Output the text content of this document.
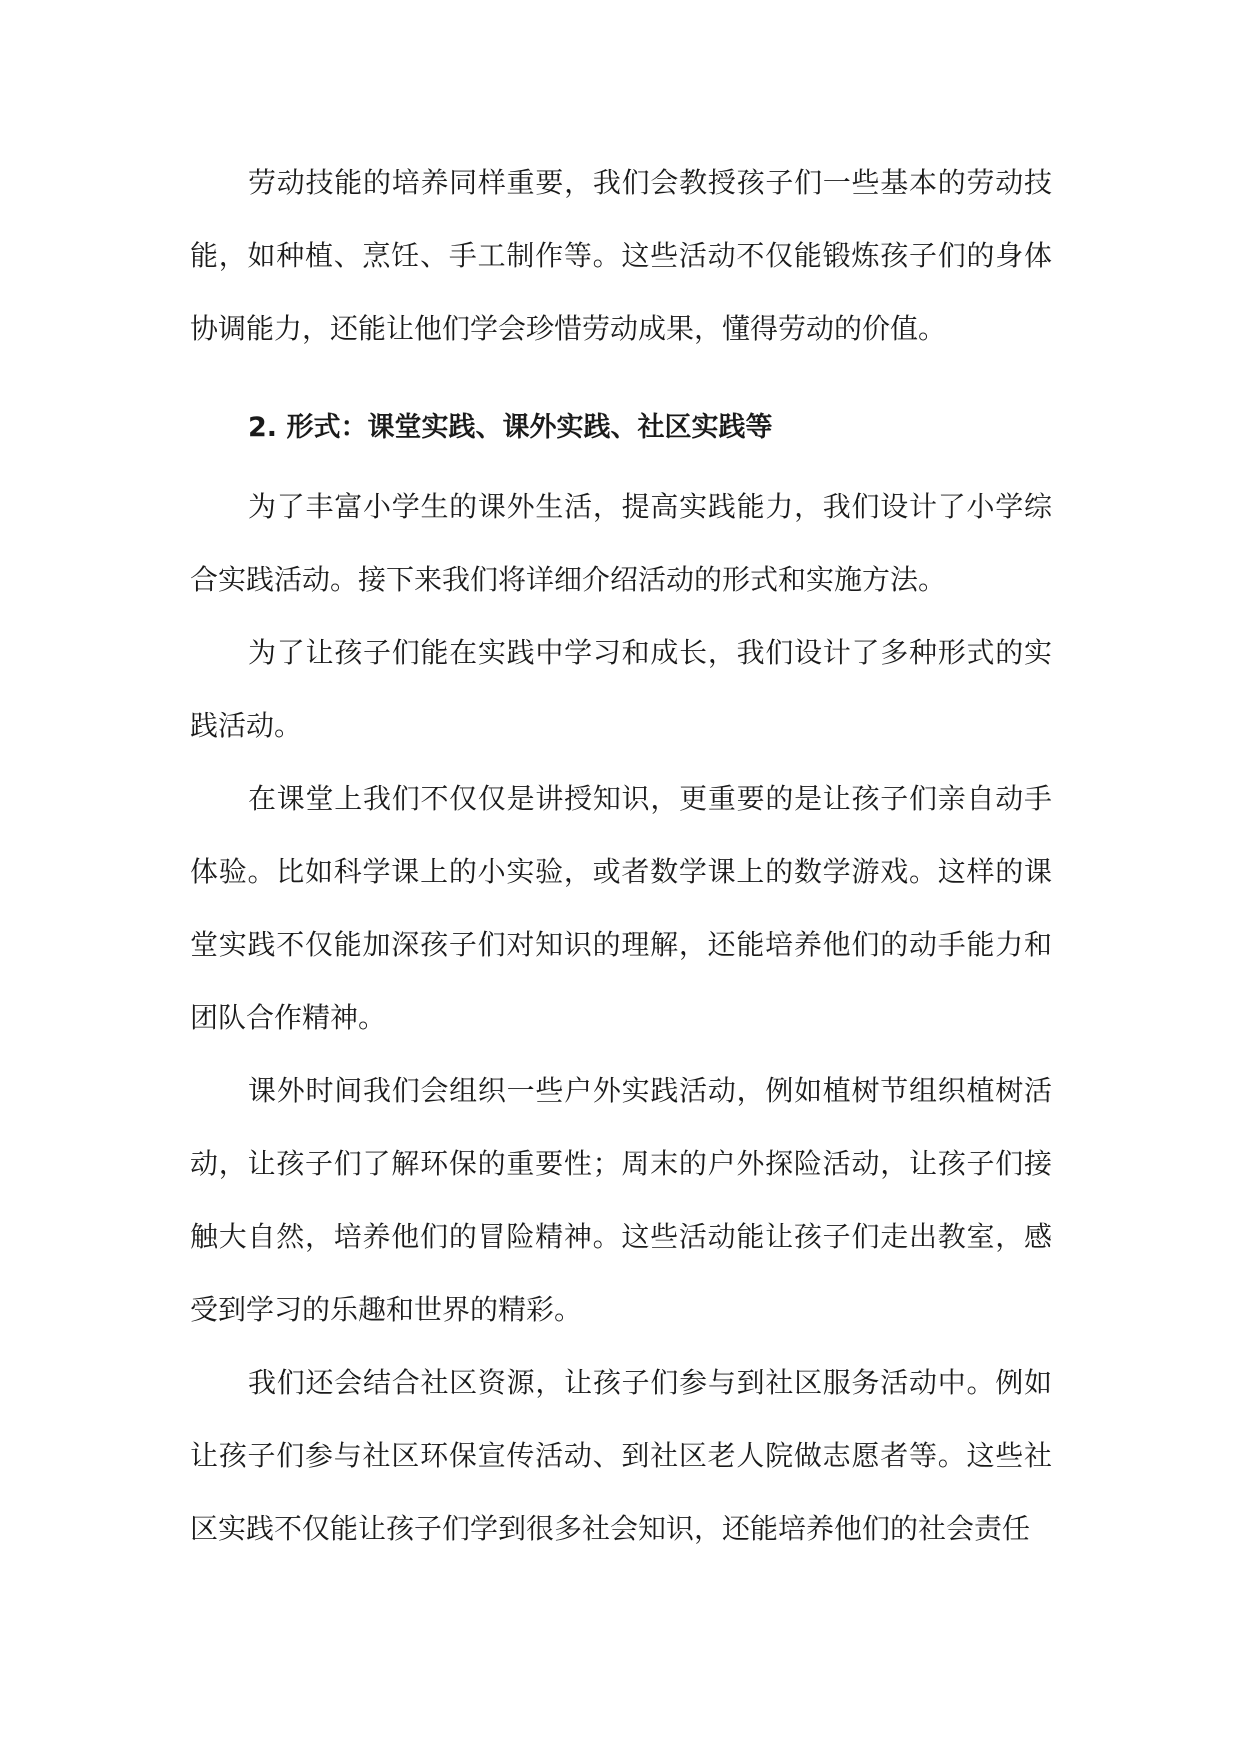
劳动技能的培养同样重要，我们会教授孩子们一些基本的劳动技能，如种植、烹饪、手工制作等。这些活动不仅能锻炼孩子们的身体协调能力，还能让他们学会珍惜劳动成果，懂得劳动的价值。

2. 形式：课堂实践、课外实践、社区实践等

为了丰富小学生的课外生活，提高实践能力，我们设计了小学综合实践活动。接下来我们将详细介绍活动的形式和实施方法。

为了让孩子们能在实践中学习和成长，我们设计了多种形式的实践活动。

在课堂上我们不仅仅是讲授知识，更重要的是让孩子们亲自动手体验。比如科学课上的小实验，或者数学课上的数学游戏。这样的课堂实践不仅能加深孩子们对知识的理解，还能培养他们的动手能力和团队合作精神。

课外时间我们会组织一些户外实践活动，例如植树节组织植树活动，让孩子们了解环保的重要性；周末的户外探险活动，让孩子们接触大自然，培养他们的冒险精神。这些活动能让孩子们走出教室，感受到学习的乐趣和世界的精彩。

我们还会结合社区资源，让孩子们参与到社区服务活动中。例如让孩子们参与社区环保宣传活动、到社区老人院做志愿者等。这些社区实践不仅能让孩子们学到很多社会知识，还能培养他们的社会责任
